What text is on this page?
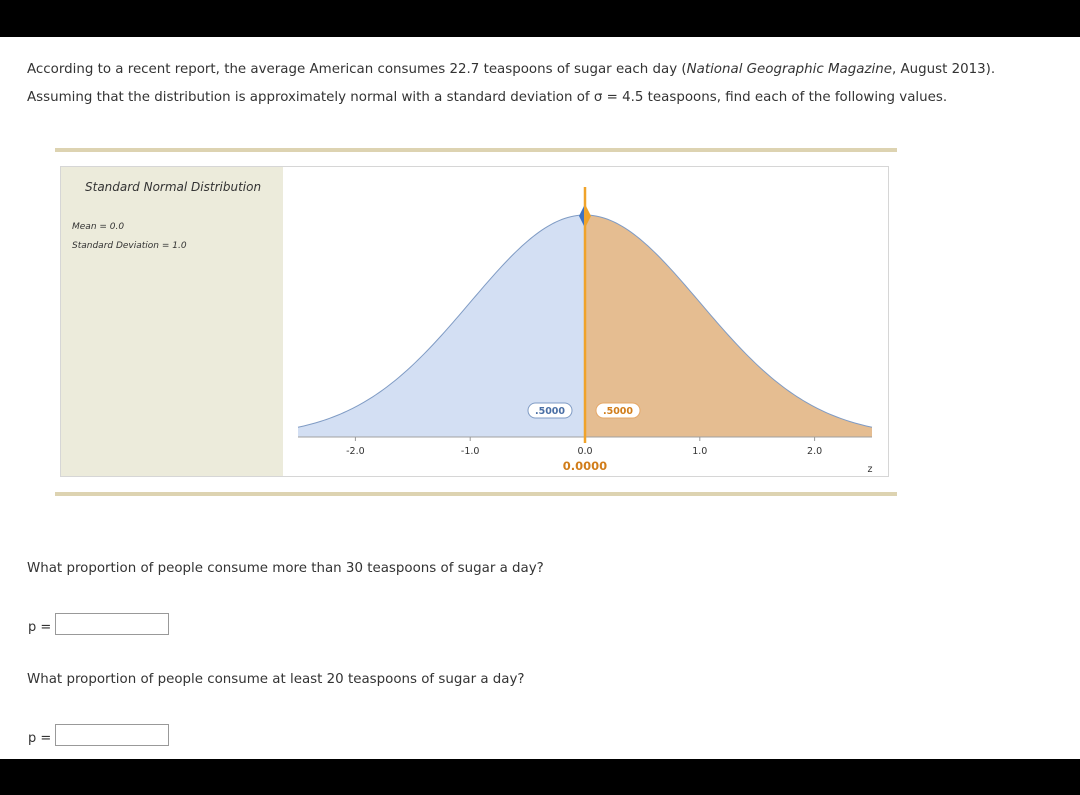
According to a recent report, the average American consumes 22.7 teaspoons of sugar each day (National Geographic Magazine, August 2013).

Assuming that the distribution is approximately normal with a standard deviation of σ = 4.5 teaspoons, find each of the following values.

Standard Normal Distribution
Mean = 0.0
Standard Deviation = 1.0
-2.0	-1.0	0.0	1.0	2.0
.5000	.5000
0.0000	z
What proportion of people consume more than 30 teaspoons of sugar a day?
p =
What proportion of people consume at least 20 teaspoons of sugar a day?
p =
